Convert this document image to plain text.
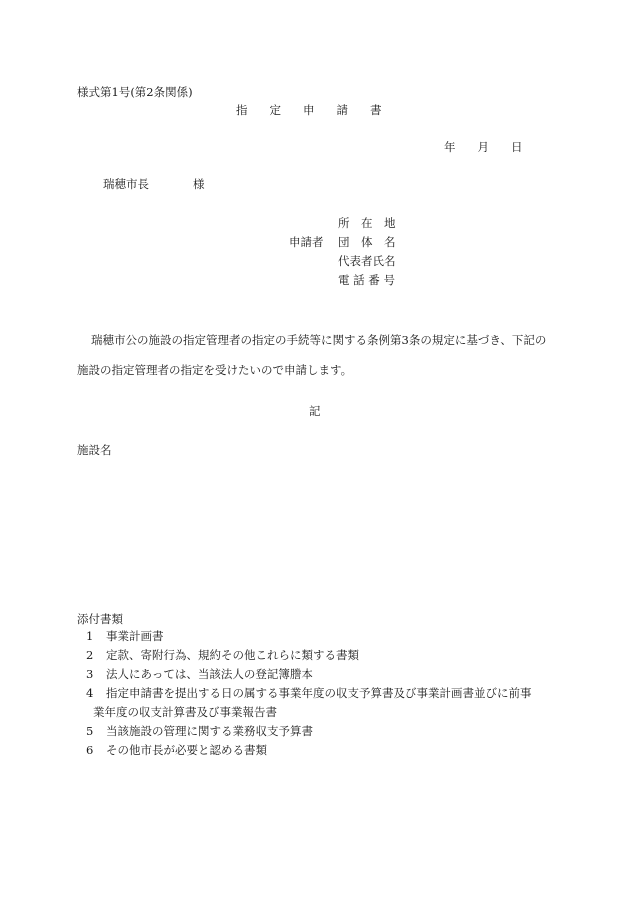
様式第1号(第2条関係)
指 定 申 請 書
年 月 日
瑞穂市長	様
申請者
所　在　地
団　体　名
代表者氏名
電 話 番 号
瑞穂市公の施設の指定管理者の指定の手続等に関する条例第3条の規定に基づき、下記の
施設の指定管理者の指定を受けたいので申請します。
記
施設名
添付書類
1 事業計画書
2 定款、寄附行為、規約その他これらに類する書類
3 法人にあっては、当該法人の登記簿謄本
4 指定申請書を提出する日の属する事業年度の収支予算書及び事業計画書並びに前事
業年度の収支計算書及び事業報告書
5 当該施設の管理に関する業務収支予算書
6 その他市長が必要と認める書類
